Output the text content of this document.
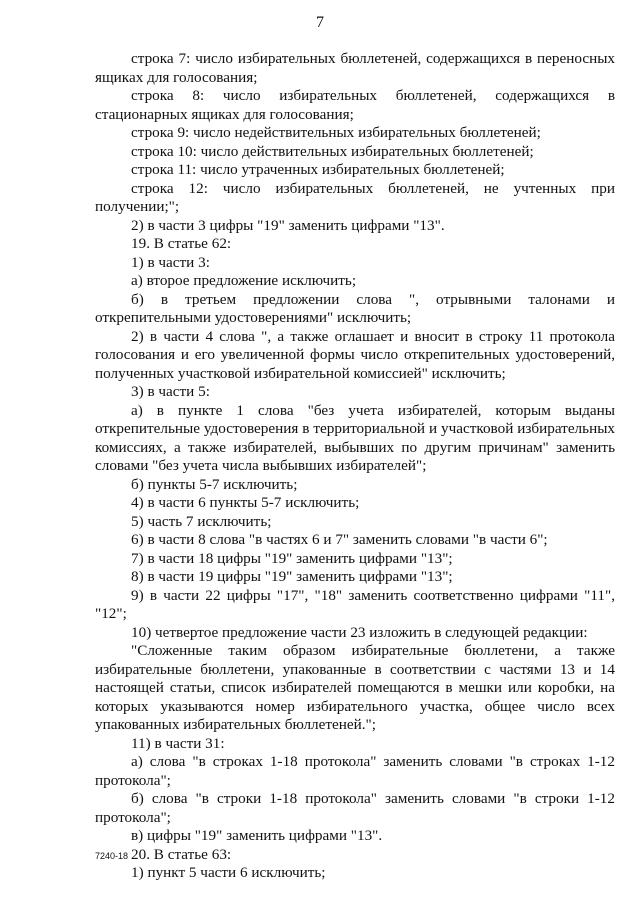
7

строка 7: число избирательных бюллетеней, содержащихся в переносных ящиках для голосования;

строка 8: число избирательных бюллетеней, содержащихся в стационарных ящиках для голосования;

строка 9: число недействительных избирательных бюллетеней;

строка 10: число действительных избирательных бюллетеней;

строка 11: число утраченных избирательных бюллетеней;

строка 12: число избирательных бюллетеней, не учтенных при получении;";

2) в части 3 цифры "19" заменить цифрами "13".

19. В статье 62:

1) в части 3:

а) второе предложение исключить;

б) в третьем предложении слова ", отрывными талонами и открепительными удостоверениями" исключить;

2) в части 4 слова ", а также оглашает и вносит в строку 11 протокола голосования и его увеличенной формы число открепительных удостоверений, полученных участковой избирательной комиссией" исключить;

3) в части 5:

а) в пункте 1 слова "без учета избирателей, которым выданы открепительные удостоверения в территориальной и участковой избирательных комиссиях, а также избирателей, выбывших по другим причинам" заменить словами "без учета числа выбывших избирателей";

б) пункты 5-7 исключить;

4) в части 6 пункты 5-7 исключить;

5) часть 7 исключить;

6) в части 8 слова "в частях 6 и 7" заменить словами "в части 6";

7) в части 18 цифры "19" заменить цифрами "13";

8) в части 19 цифры "19" заменить цифрами "13";

9) в части 22 цифры "17", "18" заменить соответственно цифрами "11", "12";

10) четвертое предложение части 23 изложить в следующей редакции:

"Сложенные таким образом избирательные бюллетени, а также избирательные бюллетени, упакованные в соответствии с частями 13 и 14 настоящей статьи, список избирателей помещаются в мешки или коробки, на которых указываются номер избирательного участка, общее число всех упакованных избирательных бюллетеней.";

11) в части 31:

а) слова "в строках 1-18 протокола" заменить словами "в строках 1-12 протокола";

б) слова "в строки 1-18 протокола" заменить словами "в строки 1-12 протокола";

в) цифры "19" заменить цифрами "13".

20. В статье 63:

1) пункт 5 части 6 исключить;

7240-18
